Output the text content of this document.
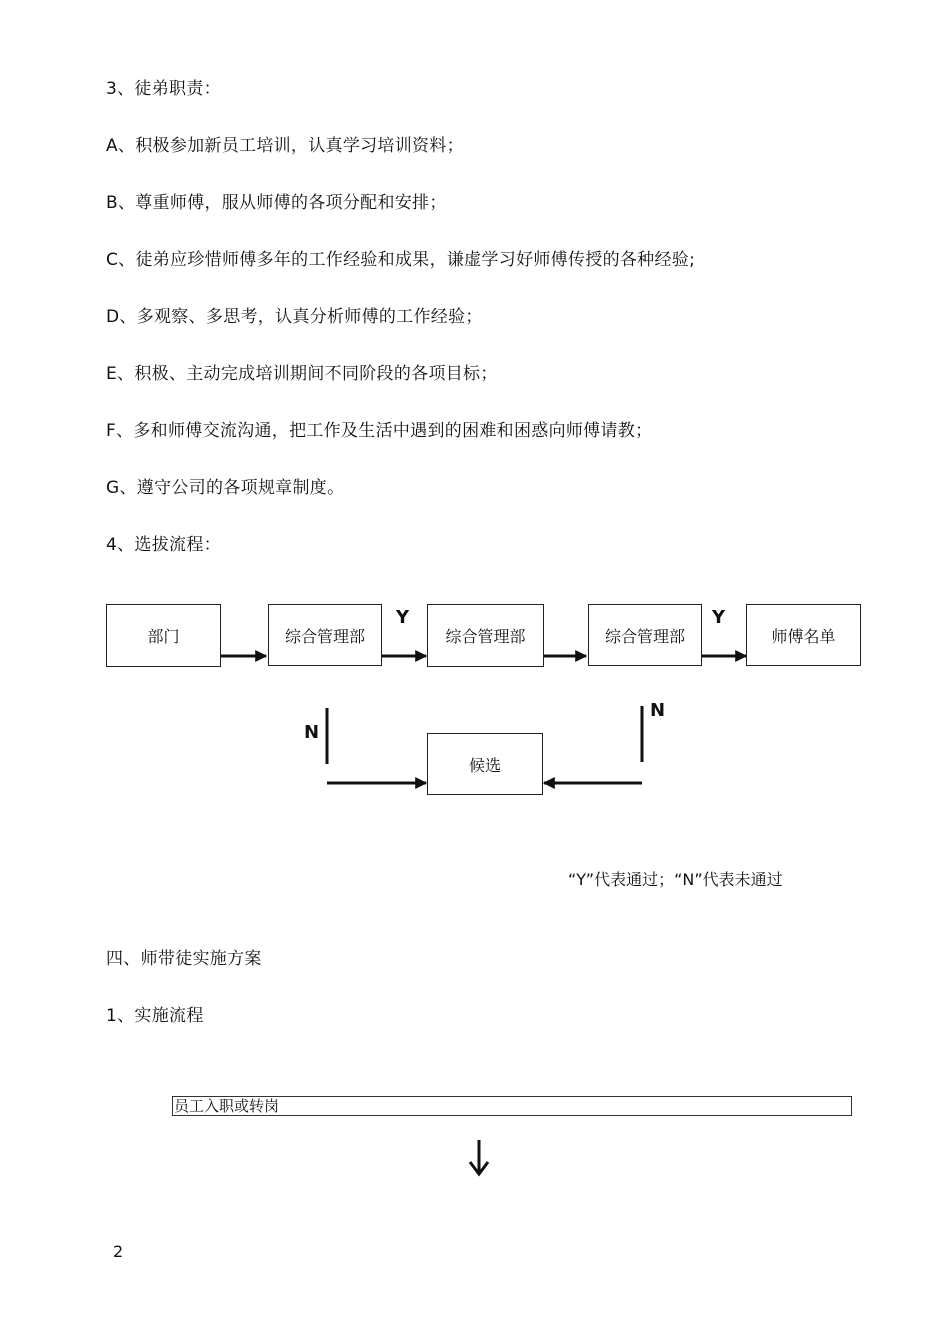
3、徒弟职责：
A、积极参加新员工培训，认真学习培训资料；
B、尊重师傅，服从师傅的各项分配和安排；
C、徒弟应珍惜师傅多年的工作经验和成果，谦虚学习好师傅传授的各种经验;
D、多观察、多思考，认真分析师傅的工作经验；
E、积极、主动完成培训期间不同阶段的各项目标；
F、多和师傅交流沟通，把工作及生活中遇到的困难和困惑向师傅请教；
G、遵守公司的各项规章制度。
4、选拔流程：
部门	综合管理部	综合管理部	综合管理部	师傅名单
候选
Y	Y
N
N
“Y”代表通过；“N”代表未通过
四、师带徒实施方案
1、实施流程
员工入职或转岗
2
